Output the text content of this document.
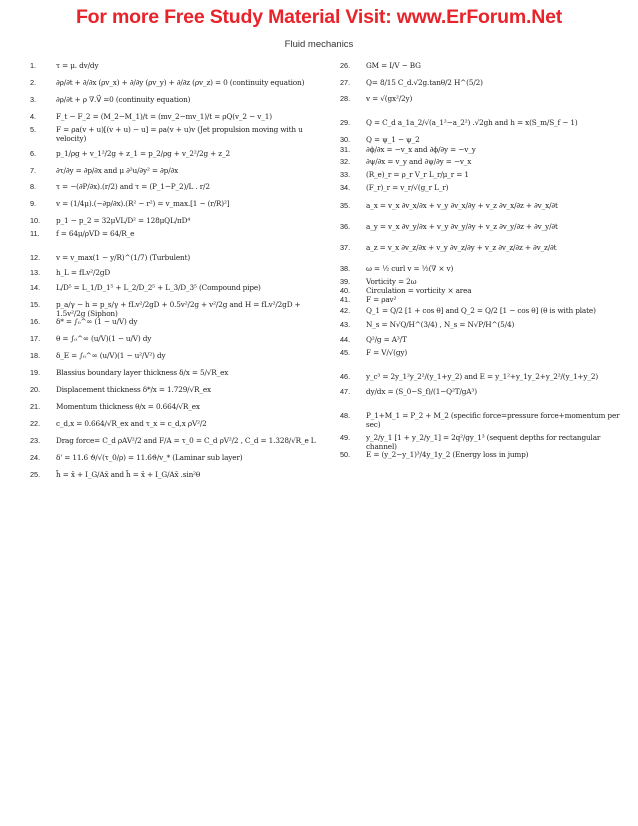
For more Free Study Material Visit: www.ErForum.Net
Fluid mechanics
1.	τ = μ. dv/dy
2.	∂ρ/∂t + ∂/∂x (ρv_x) + ∂/∂y (ρv_y) + ∂/∂z (ρv_z) = 0 (continuity equation)
3.	∂ρ/∂t + ρ ∇.V⃗ =0 (continuity equation)
4.	F_t − F_2 = (M_2−M_1)/t = (mv_2−mv_1)/t = ρQ(v_2 − v_1)
5.	F = ρa(v + u)[(v + u) − u] = ρa(v + u)v (Jet propulsion moving with u velocity)
6.	p_1/ρg + v_1²/2g + z_1 = p_2/ρg + v_2²/2g + z_2
7.	∂τ/∂y = ∂p/∂x and μ ∂²u/∂y² = ∂p/∂x
8.	τ = −(∂P/∂x).(r/2) and τ = (P_1−P_2)/L . r/2
9.	v = (1/4μ).(−∂p/∂x).(R² − r²) = v_max.[1 − (r/R)²]
10.	p_1 − p_2 = 32μVL/D² = 128μQL/πD⁴
11.	f = 64μ/ρVD = 64/R_e
12.	v = v_max(1 − y/R)^(1/7) (Turbulent)
13.	h_L = fLv²/2gD
14.	L/D⁵ = L_1/D_1⁵ + L_2/D_2⁵ + L_3/D_3⁵ (Compound pipe)
15.	p_a/γ − h = p_s/γ + fLv²/2gD + 0.5v²/2g + v²/2g and H = fLv²/2gD + 1.5v²/2g (Siphon)
16.	δ* = ∫₀^∞ (1 − u/V) dy
17.	θ = ∫₀^∞ (u/V)(1 − u/V) dy
18.	δ_E = ∫₀^∞ (u/V)(1 − u²/V²) dy
19.	Blassius boundary layer thickness δ/x = 5/√R_ex
20.	Displacement thickness δ*/x = 1.729/√R_ex
21.	Momentum thickness θ/x = 0.664/√R_ex
22.	c_d,x = 0.664/√R_ex and τ_x = c_d,x ρV²/2
23.	Drag force= C_d ρAV²/2 and F/A = τ_0 = C_d ρV²/2 , C_d = 1.328/√R_e L
24.	δ' = 11.6 ϑ/√(τ_0/ρ) = 11.6ϑ/v_* (Laminar sub layer)
25.	h̄ = x̄ + I_G/Ax̄ and h̄ = x̄ + I_G/Ax̄ .sin²θ
26.	GM = I/V − BG
27.	Q= 8/15 C_d.√2g.tanθ/2 H^(5/2)
28.	v = √(gx²/2y)
29.	Q = C_d a_1a_2/√(a_1²−a_2²) .√2gh and h = x(S_m/S_f − 1)
30.	Q = ψ_1 − ψ_2
31.	∂ϕ/∂x = −v_x and ∂ϕ/∂y = −v_y
32.	∂ψ/∂x = v_y and ∂ψ/∂y = −v_x
33.	(R_e)_r = ρ_r V_r L_r/μ_r = 1
34.	(F_r)_r = v_r/√(g_r L_r)
35.	a_x = v_x ∂v_x/∂x + v_y ∂v_x/∂y + v_z ∂v_x/∂z + ∂v_x/∂t
36.	a_y = v_x ∂v_y/∂x + v_y ∂v_y/∂y + v_z ∂v_y/∂z + ∂v_y/∂t
37.	a_z = v_x ∂v_z/∂x + v_y ∂v_z/∂y + v_z ∂v_z/∂z + ∂v_z/∂t
38.	ω = ½ curl v = ½(∇ × v)
39.	Vorticity = 2ω
40.	Circulation = vorticity × area
41.	F = ρav²
42.	Q_1 = Q/2 [1 + cos θ] and Q_2 = Q/2 [1 − cos θ] (θ is with plate)
43.	N_s = N√Q/H^(3/4) , N_s = N√P/H^(5/4)
44.	Q²/g = A³/T
45.	F = V/√(gy)
46.	y_c³ = 2y_1²y_2²/(y_1+y_2) and E = y_1²+y_1y_2+y_2²/(y_1+y_2)
47.	dy/dx = (S_0−S_f)/(1−Q²T/gA³)
48.	P_1+M_1 = P_2 + M_2 (specific force=pressure force+momentum per sec)
49.	y_2/y_1 [1 + y_2/y_1] = 2q²/gy_1³ (sequent depths for rectangular channel)
50.	E = (y_2−y_1)³/4y_1y_2 (Energy loss in jump)
